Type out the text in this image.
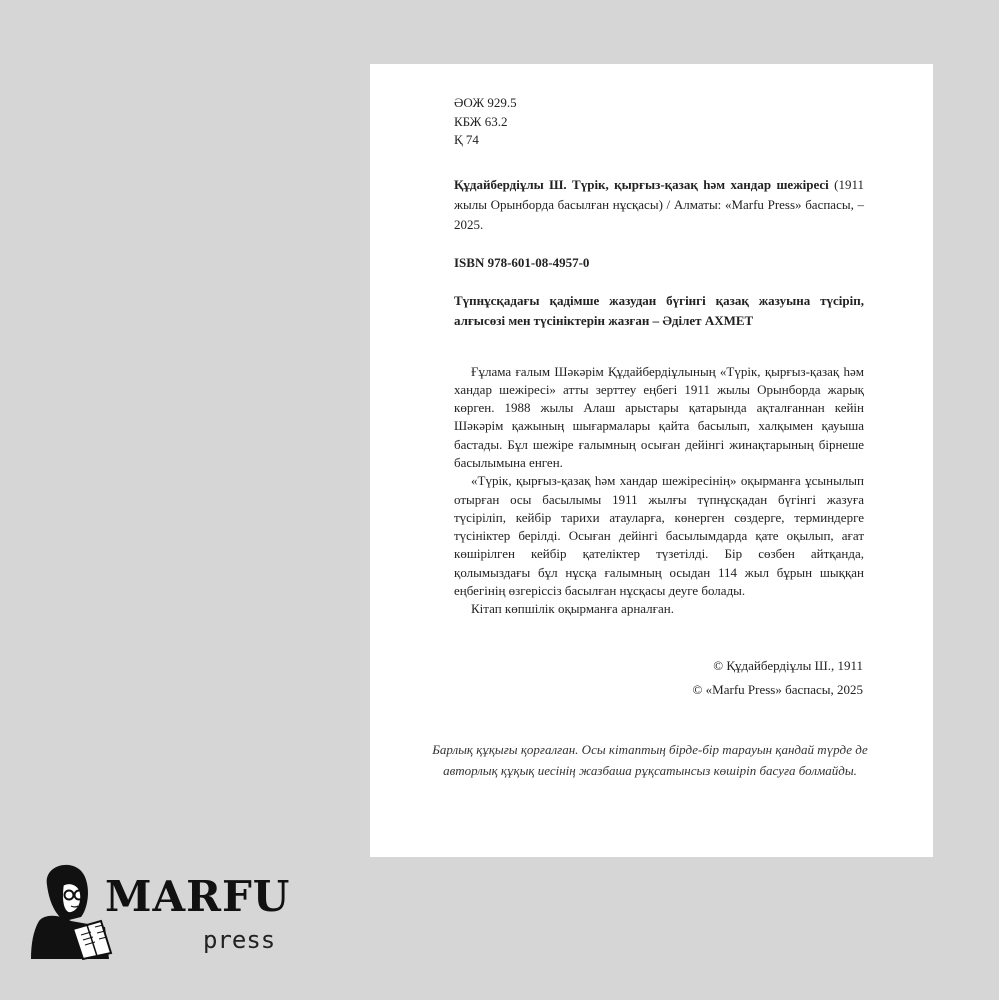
ӘОЖ 929.5
КБЖ 63.2
Қ 74
Құдайбердіұлы Ш. Түрік, қырғыз-қазақ һәм хандар шежіресі (1911 жылы Орынборда басылған нұсқасы) / Алматы: «Marfu Press» баспасы, – 2025.
ISBN 978-601-08-4957-0
Түпнұсқадағы қадімше жазудан бүгінгі қазақ жазуына түсіріп, алғысөзі мен түсініктерін жазған – Әділет АХМЕТ

Ғұлама ғалым Шәкәрім Құдайбердіұлының «Түрік, қырғыз-қазақ һәм хандар шежіресі» атты зерттеу еңбегі 1911 жылы Орынборда жарық көрген. 1988 жылы Алаш арыстары қатарында ақталғаннан кейін Шәкәрім қажының шығармалары қайта басылып, халқымен қауыша бастады. Бұл шежіре ғалымның осыған дейінгі жинақтарының бірнеше басылымына енген.

«Түрік, қырғыз-қазақ һәм хандар шежіресінің» оқырманға ұсынылып отырған осы басылымы 1911 жылғы түпнұсқадан бүгінгі жазуға түсіріліп, кейбір тарихи атауларға, көнерген сөздерге, терминдерге түсініктер берілді. Осыған дейінгі басылымдарда қате оқылып, ағат көшірілген кейбір қателіктер түзетілді. Бір сөзбен айтқанда, қолымыздағы бұл нұсқа ғалымның осыдан 114 жыл бұрын шыққан еңбегінің өзгеріссіз басылған нұсқасы деуге болады.

Кітап көпшілік оқырманға арналған.

© Құдайбердіұлы Ш., 1911
© «Marfu Press» баспасы, 2025
Барлық құқығы қорғалған. Осы кітаптың бірде-бір тарауын қандай түрде де авторлық құқық иесінің жазбаша рұқсатынсыз көшіріп басуға болмайды.
MARFU
press
